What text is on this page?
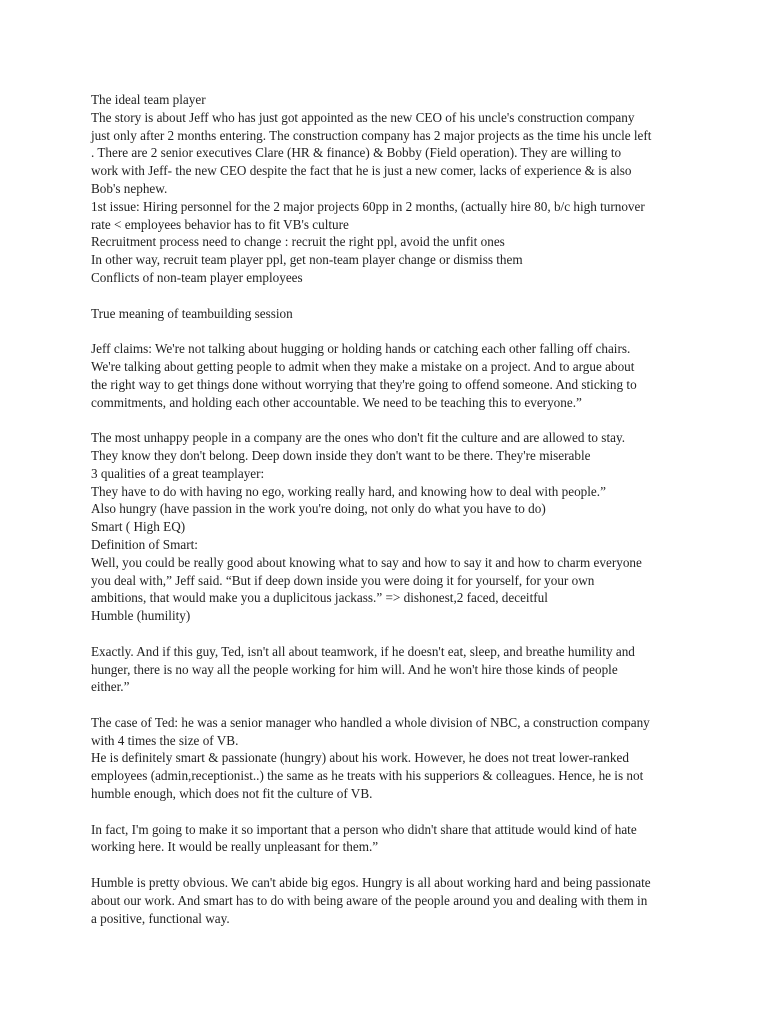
The ideal team player
The story is about Jeff who has just got appointed as the new CEO of his uncle's construction company
just only after 2 months entering. The construction company has 2 major projects as the time his uncle left
. There are 2 senior executives Clare (HR & finance) & Bobby (Field operation). They are willing to
work with Jeff- the new CEO despite the fact that he is just a new comer, lacks of experience & is also
Bob's nephew.
1st issue: Hiring personnel for the 2 major projects 60pp in 2 months, (actually hire 80, b/c high turnover
rate < employees behavior has to fit VB's culture
Recruitment process need to change : recruit the right ppl, avoid the unfit ones
In other way, recruit team player ppl, get non-team player change or dismiss them
Conflicts of non-team player employees
True meaning of teambuilding session
Jeff claims: We're not talking about hugging or holding hands or catching each other falling off chairs.
We're talking about getting people to admit when they make a mistake on a project. And to argue about
the right way to get things done without worrying that they're going to offend someone. And sticking to
commitments, and holding each other accountable. We need to be teaching this to everyone.”
The most unhappy people in a company are the ones who don't fit the culture and are allowed to stay.
They know they don't belong. Deep down inside they don't want to be there. They're miserable
3 qualities of a great teamplayer:
They have to do with having no ego, working really hard, and knowing how to deal with people.”
Also hungry (have passion in the work you're doing, not only do what you have to do)
Smart ( High EQ)
Definition of Smart:
Well, you could be really good about knowing what to say and how to say it and how to charm everyone
you deal with,” Jeff said. “But if deep down inside you were doing it for yourself, for your own
ambitions, that would make you a duplicitous jackass.” => dishonest,2 faced, deceitful
Humble (humility)
Exactly. And if this guy, Ted, isn't all about teamwork, if he doesn't eat, sleep, and breathe humility and
hunger, there is no way all the people working for him will. And he won't hire those kinds of people
either.”
The case of Ted: he was a senior manager who handled a whole division of NBC, a construction company
with 4 times the size of VB.
He is definitely smart & passionate (hungry) about his work. However, he does not treat lower-ranked
employees (admin,receptionist..) the same as he treats with his supperiors & colleagues. Hence, he is not
humble enough, which does not fit the culture of VB.
In fact, I'm going to make it so important that a person who didn't share that attitude would kind of hate
working here. It would be really unpleasant for them.”
Humble is pretty obvious. We can't abide big egos. Hungry is all about working hard and being passionate
about our work. And smart has to do with being aware of the people around you and dealing with them in
a positive, functional way.
